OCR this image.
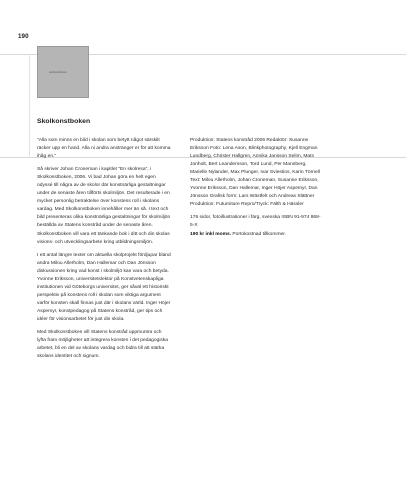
190
skolkonstboken
Skolkonstboken

"Alla som minns en bild i skolan som betytt något särskilt räcker upp en hand. Alla ni andra anstränger er för att komma ihåg en."

Så skriver Johan Croneman i kapitlet "En skolresa", i Skolkonstboken, 2006. Vi bad Johan göra en helt egen odyssé till några av de skolor där konstnärliga gestaltningar under de senaste åren tillförts skolmiljön. Det resulterade i en mycket personlig betraktelse över konstens roll i skolans vardag. Med Skolkonstboken innehåller mer än så. I text och bild presenteras olika konstnärliga gestaltningar för skolmiljön beställda av Statens konstråd under de senaste åren. Skolkonstboken vill vara ett tänkande bok i ditt och din skolas visions- och utvecklingsarbete kring utbildningsmiljön.

I ett antal längre texter om aktuella skolprojekt fördjupar bland andra Milou Allerholm, Dan Hallemar och Dan Jönsson diskussionen kring vad konst i skolmiljö kan vara och betyda. Yvonne Eriksson, universitetslektor på Konstvetenskapliga institutionen vid Göteborgs universitet, ger såväl ett historiskt perspektiv på konstens roll i skolan som viktiga argument varför konsten skall finnas just där i skolans värld. Inger Höjer Aspemyr, konstpedagog på Statens konstråd, ger tips och idéer för visionsarbetet för just din skola.

Med Skolkonstboken vill Statens konstråd uppmuntra och lyfta fram möjligheter att integrera konsten i det pedagogiska arbetet, bli en del av skolans vardag och bidra till att stärka skolans identitet och signum.

Produktion: Statens konstråd 2006 Redaktör: Susanne Eriksson Foto: Lena Ason, Blinkphotography, Kjell Engman Lundberg, Christer Hallgren, Annika Jansson Selim, Mats Jonholt, Bert Leandersson, Tord Lund, Per Mannberg, Marielle Nylander, Max Plunger, Ivar Sviestins, Karin Törnell Text: Milou Allerholm, Johan Croneman, Susanne Eriksson, Yvonne Eriksson, Dan Hallemar, Inger Höjer Aspemyr, Dan Jönsson Grafisk form: Lars Wästfelt och Andreas Slättner Produktion: Futurniture Repro/Tryck: Fälth & Hässler

176 sidor, fotoillustrationer i färg, svenska ISBN 91-974 868-5-X
190 kr inkl moms. Portokostnad tillkommer.
